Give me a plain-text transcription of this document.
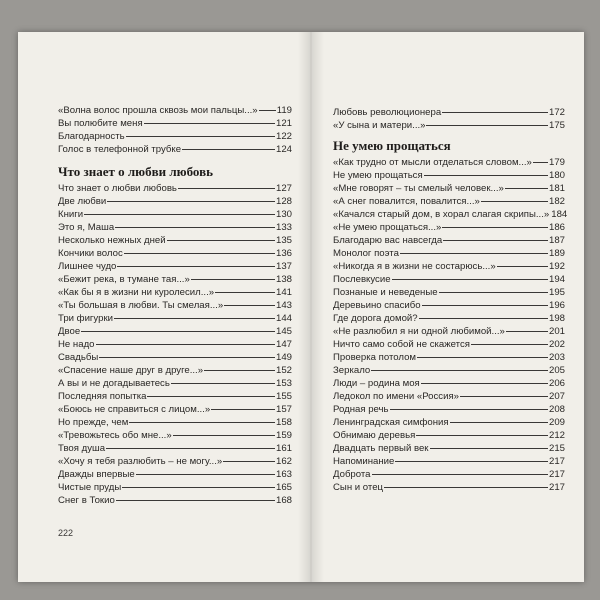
«Волна волос прошла сквозь мои пальцы...» 119
Вы полюбите меня	121
Благодарность	122
Голос в телефонной трубке	124
Что знает о любви любовь
Что знает о любви любовь	127
Две любви	128
Книги	130
Это я, Маша	133
Несколько нежных дней	135
Кончики волос	136
Лишнее чудо	137
«Бежит река, в тумане тая...»	138
«Как бы я в жизни ни куролесил...»	141
«Ты большая в любви. Ты смелая...»	143
Три фигурки	144
Двое	145
Не надо	147
Свадьбы	149
«Спасение наше друг в друге...»	152
А вы и не догадываетесь	153
Последняя попытка	155
«Боюсь не справиться с лицом...»	157
Но прежде, чем	158
«Тревожьтесь обо мне...»	159
Твоя душа	161
«Хочу я тебя разлюбить – не могу...»	162
Дважды впервые	163
Чистые пруды	165
Снег в Токио	168
222
Любовь революционера	172
«У сына и матери...»	175
Не умею прощаться
«Как трудно от мысли отделаться словом...» 179
Не умею прощаться	180
«Мне говорят – ты смелый человек...»	181
«А снег повалится, повалится...»	182
«Качался старый дом, в хорал слагая скрипы...» 184
«Не умею прощаться...»	186
Благодарю вас навсегда	187
Монолог поэта	189
«Никогда я в жизни не состарюсь...»	192
Послевкусие	194
Познаные и неведеные	195
Деревьино спасибо	196
Где дорога домой?	198
«Не разлюбил я ни одной любимой...»	201
Ничто само собой не скажется	202
Проверка потолом	203
Зеркало	205
Люди – родина моя	206
Ледокол по имени «Россия»	207
Родная речь	208
Ленинградская симфония	209
Обнимаю деревья	212
Двадцать первый век	215
Напоминание	217
Доброта	217
Сын и отец	217
